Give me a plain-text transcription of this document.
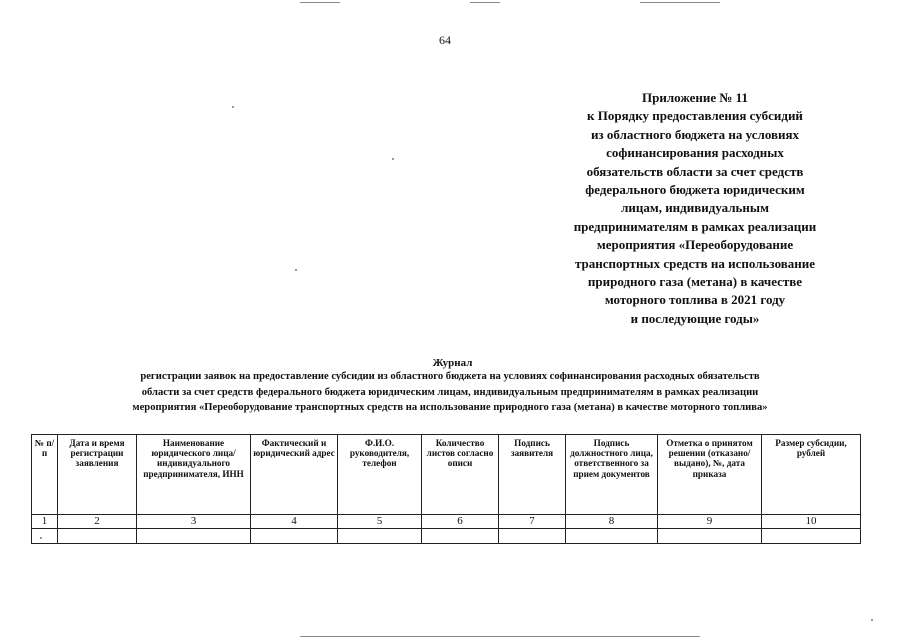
64
Приложение № 11
к Порядку предоставления субсидий
из областного бюджета на условиях
софинансирования расходных
обязательств области за счет средств
федерального бюджета юридическим
лицам, индивидуальным
предпринимателям в рамках реализации
мероприятия «Переоборудование
транспортных средств на использование
природного газа (метана) в качестве
моторного топлива в 2021 году
и последующие годы»
Журнал
регистрации заявок на предоставление субсидии из областного бюджета на условиях софинансирования расходных обязательств
области за счет средств федерального бюджета юридическим лицам, индивидуальным предпринимателям в рамках реализации
мероприятия «Переоборудование транспортных средств на использование природного газа (метана) в качестве моторного топлива»
№ п/п	Дата и время регистрации заявления	Наименование юридического лица/ индивидуального предпринимателя, ИНН	Фактический и юридический адрес	Ф.И.О. руководителя, телефон	Количество листов согласно описи	Подпись заявителя	Подпись должностного лица, ответственного за прием документов	Отметка о принятом решении (отказано/выдано), №, дата приказа	Размер субсидии, рублей
1	2	3	4	5	6	7	8	9	10
